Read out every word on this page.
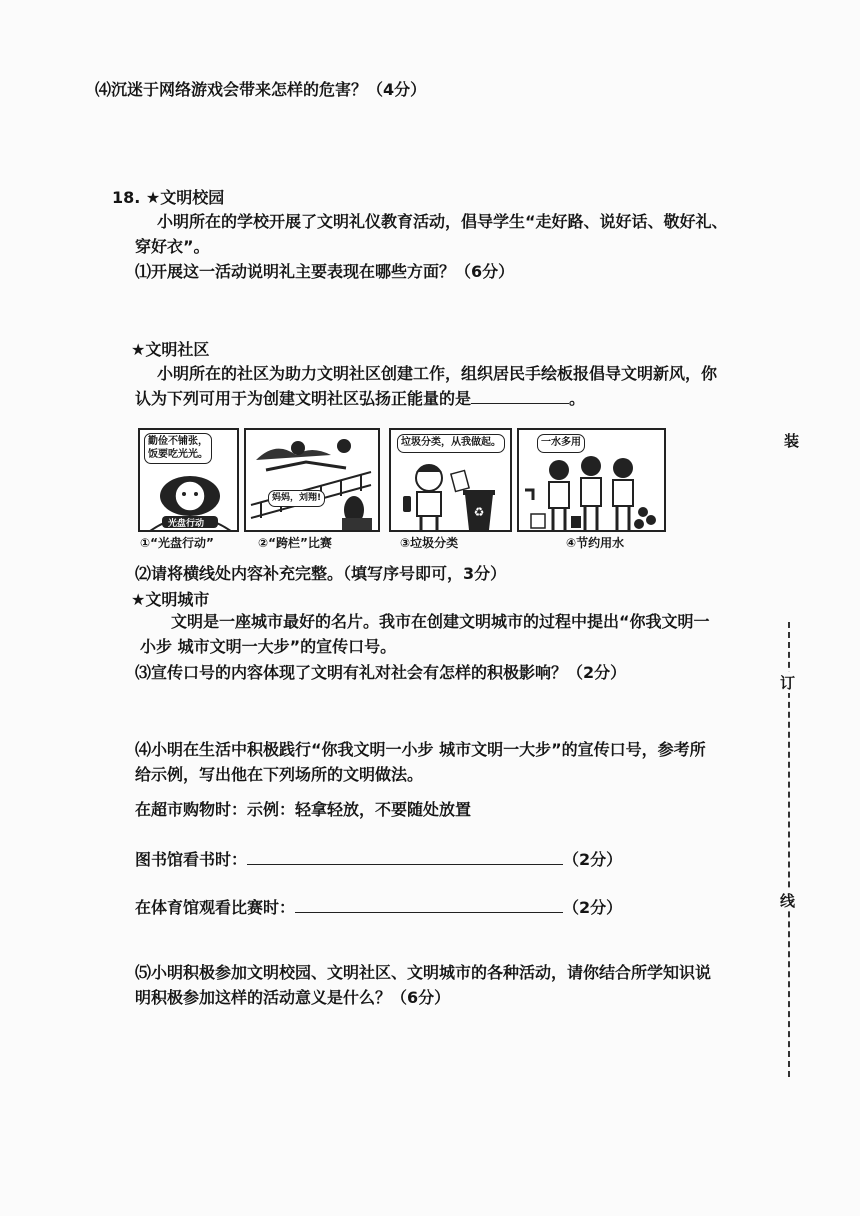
⑷沉迷于网络游戏会带来怎样的危害？（4分）
18. ★文明校园
小明所在的学校开展了文明礼仪教育活动，倡导学生“走好路、说好话、敬好礼、
穿好衣”。
⑴开展这一活动说明礼主要表现在哪些方面？（6分）
★文明社区
小明所在的社区为助力文明社区创建工作，组织居民手绘板报倡导文明新风，你
认为下列可用于为创建文明社区弘扬正能量的是	。
勤俭不铺张，
饭要吃光光。
光盘行动
①“光盘行动”
妈妈，刘翔!
②“跨栏”比赛
垃圾分类，从我做起。
♻
③垃圾分类
一水多用
④节约用水
⑵请将横线处内容补充完整。（填写序号即可，3分）
★文明城市
文明是一座城市最好的名片。我市在创建文明城市的过程中提出“你我文明一
小步 城市文明一大步”的宣传口号。
⑶宣传口号的内容体现了文明有礼对社会有怎样的积极影响？（2分）
⑷小明在生活中积极践行“你我文明一小步 城市文明一大步”的宣传口号，参考所
给示例，写出他在下列场所的文明做法。
在超市购物时：示例：轻拿轻放，不要随处放置
图书馆看书时：	（2分）
在体育馆观看比赛时：	（2分）
⑸小明积极参加文明校园、文明社区、文明城市的各种活动，请你结合所学知识说
明积极参加这样的活动意义是什么？（6分）
装
订
线
